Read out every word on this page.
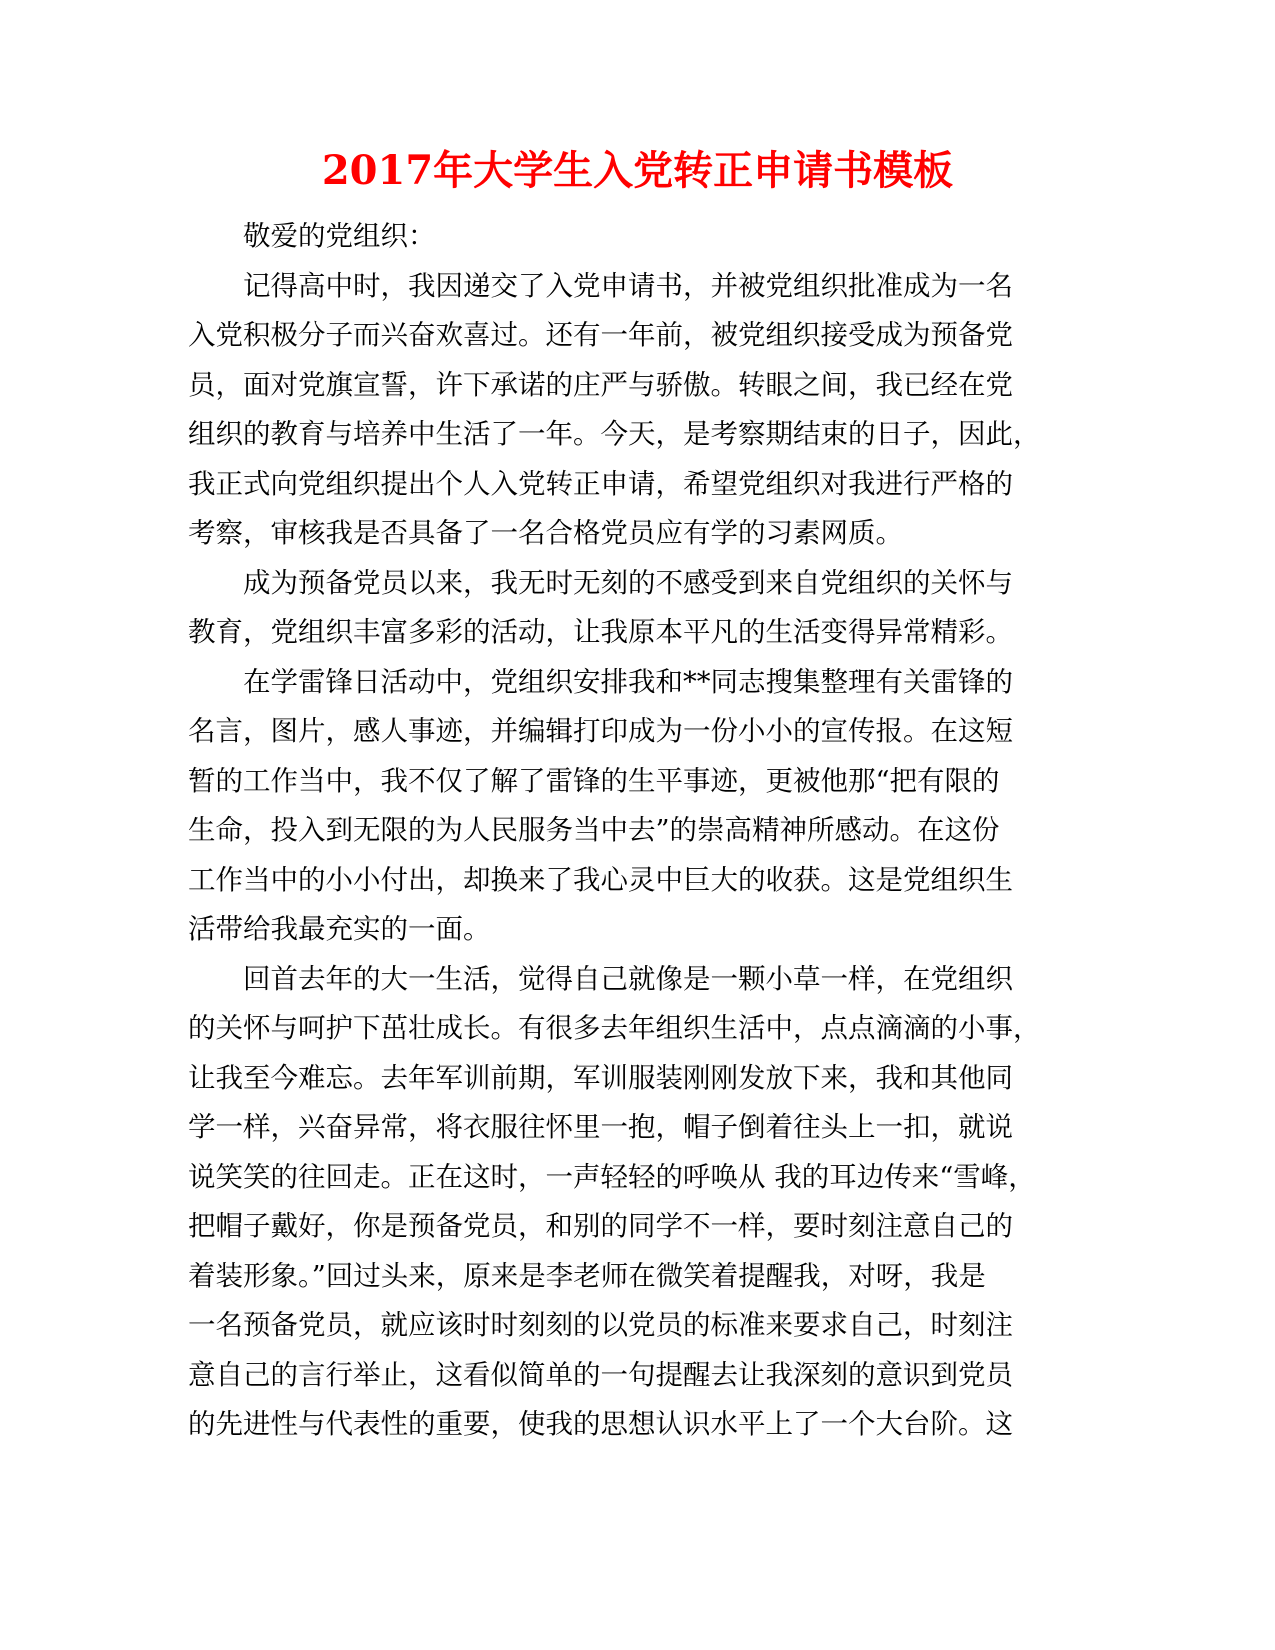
2017年大学生入党转正申请书模板

敬爱的党组织：

记得高中时，我因递交了入党申请书，并被党组织批准成为一名
入党积极分子而兴奋欢喜过。还有一年前，被党组织接受成为预备党
员，面对党旗宣誓，许下承诺的庄严与骄傲。转眼之间，我已经在党
组织的教育与培养中生活了一年。今天，是考察期结束的日子，因此，
我正式向党组织提出个人入党转正申请，希望党组织对我进行严格的
考察，审核我是否具备了一名合格党员应有学的习素网质。

成为预备党员以来，我无时无刻的不感受到来自党组织的关怀与
教育，党组织丰富多彩的活动，让我原本平凡的生活变得异常精彩。

在学雷锋日活动中，党组织安排我和**同志搜集整理有关雷锋的
名言，图片，感人事迹，并编辑打印成为一份小小的宣传报。在这短
暂的工作当中，我不仅了解了雷锋的生平事迹，更被他那“把有限的
生命，投入到无限的为人民服务当中去”的崇高精神所感动。在这份
工作当中的小小付出，却换来了我心灵中巨大的收获。这是党组织生
活带给我最充实的一面。

回首去年的大一生活，觉得自己就像是一颗小草一样，在党组织
的关怀与呵护下茁壮成长。有很多去年组织生活中，点点滴滴的小事，
让我至今难忘。去年军训前期，军训服装刚刚发放下来，我和其他同
学一样，兴奋异常，将衣服往怀里一抱，帽子倒着往头上一扣，就说
说笑笑的往回走。正在这时，一声轻轻的呼唤从 我的耳边传来“雪峰，
把帽子戴好，你是预备党员，和别的同学不一样，要时刻注意自己的
着装形象。”回过头来，原来是李老师在微笑着提醒我，对呀，我是
一名预备党员，就应该时时刻刻的以党员的标准来要求自己，时刻注
意自己的言行举止，这看似简单的一句提醒去让我深刻的意识到党员
的先进性与代表性的重要，使我的思想认识水平上了一个大台阶。这
